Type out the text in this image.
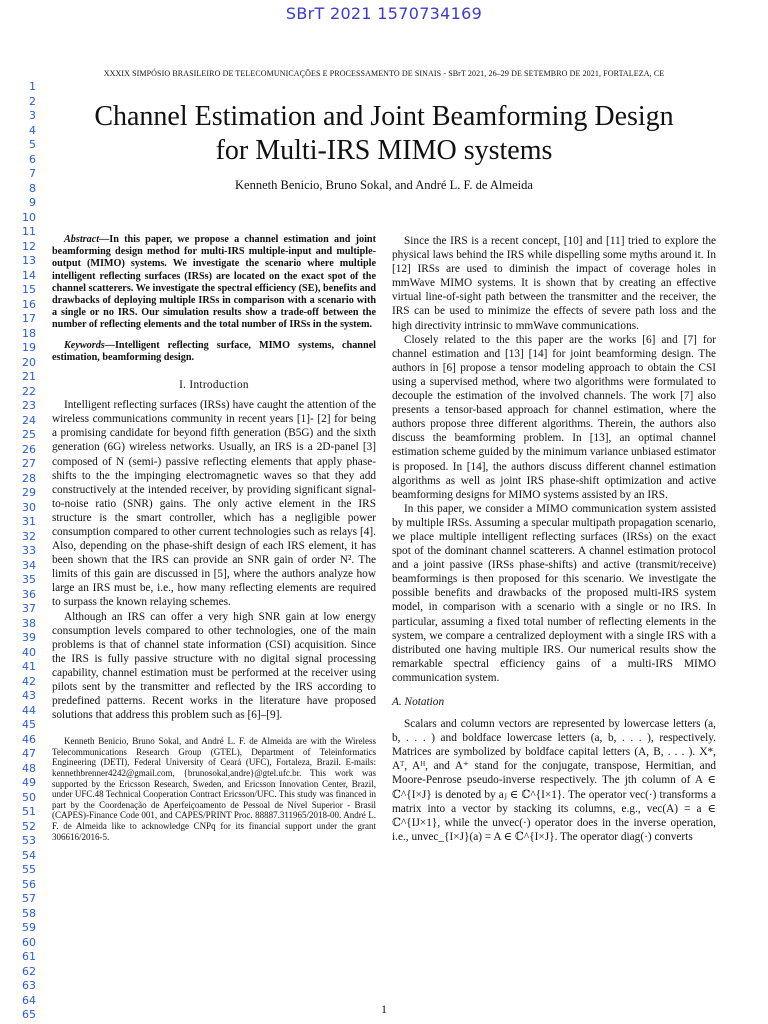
SBrT 2021 1570734169
XXXIX SIMPÓSIO BRASILEIRO DE TELECOMUNICAÇÕES E PROCESSAMENTO DE SINAIS - SBrT 2021, 26–29 DE SETEMBRO DE 2021, FORTALEZA, CE
1
2
3
4
5
6
7
8
9
10
11
12
13
14
15
16
17
18
19
20
21
22
23
24
25
26
27
28
29
30
31
32
33
34
35
36
37
38
39
40
41
42
43
44
45
46
47
48
49
50
51
52
53
54
55
56
57
58
59
60
61
62
63
64
65
Channel Estimation and Joint Beamforming Design
for Multi-IRS MIMO systems
Kenneth Benicio, Bruno Sokal, and André L. F. de Almeida

Abstract—In this paper, we propose a channel estimation and joint beamforming design method for multi-IRS multiple-input and multiple-output (MIMO) systems. We investigate the scenario where multiple intelligent reflecting surfaces (IRSs) are located on the exact spot of the channel scatterers. We investigate the spectral efficiency (SE), benefits and drawbacks of deploying multiple IRSs in comparison with a scenario with a single or no IRS. Our simulation results show a trade-off between the number of reflecting elements and the total number of IRSs in the system.

Keywords—Intelligent reflecting surface, MIMO systems, channel estimation, beamforming design.

I. Introduction

Intelligent reflecting surfaces (IRSs) have caught the attention of the wireless communications community in recent years [1]- [2] for being a promising candidate for beyond fifth generation (B5G) and the sixth generation (6G) wireless networks. Usually, an IRS is a 2D-panel [3] composed of N (semi-) passive reflecting elements that apply phase-shifts to the the impinging electromagnetic waves so that they add constructively at the intended receiver, by providing significant signal-to-noise ratio (SNR) gains. The only active element in the IRS structure is the smart controller, which has a negligible power consumption compared to other current technologies such as relays [4]. Also, depending on the phase-shift design of each IRS element, it has been shown that the IRS can provide an SNR gain of order N². The limits of this gain are discussed in [5], where the authors analyze how large an IRS must be, i.e., how many reflecting elements are required to surpass the known relaying schemes.

Although an IRS can offer a very high SNR gain at low energy consumption levels compared to other technologies, one of the main problems is that of channel state information (CSI) acquisition. Since the IRS is fully passive structure with no digital signal processing capability, channel estimation must be performed at the receiver using pilots sent by the transmitter and reflected by the IRS according to predefined patterns. Recent works in the literature have proposed solutions that address this problem such as [6]–[9].

Kenneth Benicio, Bruno Sokal, and André L. F. de Almeida are with the Wireless Telecommunications Research Group (GTEL), Department of Teleinformatics Engineering (DETI), Federal University of Ceará (UFC), Fortaleza, Brazil. E-mails: kennethbrenner4242@gmail.com, {brunosokal,andre}@gtel.ufc.br. This work was supported by the Ericsson Research, Sweden, and Ericsson Innovation Center, Brazil, under UFC.48 Technical Cooperation Contract Ericsson/UFC. This study was financed in part by the Coordenação de Aperfeiçoamento de Pessoal de Nível Superior - Brasil (CAPES)-Finance Code 001, and CAPES/PRINT Proc. 88887.311965/2018-00. André L. F. de Almeida like to acknowledge CNPq for its financial support under the grant 306616/2016-5.

Since the IRS is a recent concept, [10] and [11] tried to explore the physical laws behind the IRS while dispelling some myths around it. In [12] IRSs are used to diminish the impact of coverage holes in mmWave MIMO systems. It is shown that by creating an effective virtual line-of-sight path between the transmitter and the receiver, the IRS can be used to minimize the effects of severe path loss and the high directivity intrinsic to mmWave communications.

Closely related to the this paper are the works [6] and [7] for channel estimation and [13] [14] for joint beamforming design. The authors in [6] propose a tensor modeling approach to obtain the CSI using a supervised method, where two algorithms were formulated to decouple the estimation of the involved channels. The work [7] also presents a tensor-based approach for channel estimation, where the authors propose three different algorithms. Therein, the authors also discuss the beamforming problem. In [13], an optimal channel estimation scheme guided by the minimum variance unbiased estimator is proposed. In [14], the authors discuss different channel estimation algorithms as well as joint IRS phase-shift optimization and active beamforming designs for MIMO systems assisted by an IRS.

In this paper, we consider a MIMO communication system assisted by multiple IRSs. Assuming a specular multipath propagation scenario, we place multiple intelligent reflecting surfaces (IRSs) on the exact spot of the dominant channel scatterers. A channel estimation protocol and a joint passive (IRSs phase-shifts) and active (transmit/receive) beamformings is then proposed for this scenario. We investigate the possible benefits and drawbacks of the proposed multi-IRS system model, in comparison with a scenario with a single or no IRS. In particular, assuming a fixed total number of reflecting elements in the system, we compare a centralized deployment with a single IRS with a distributed one having multiple IRS. Our numerical results show the remarkable spectral efficiency gains of a multi-IRS MIMO communication system.

A. Notation

Scalars and column vectors are represented by lowercase letters (a, b, . . . ) and boldface lowercase letters (a, b, . . . ), respectively. Matrices are symbolized by boldface capital letters (A, B, . . . ). X*, Aᵀ, Aᴴ, and A⁺ stand for the conjugate, transpose, Hermitian, and Moore-Penrose pseudo-inverse respectively. The jth column of A ∈ ℂ^{I×J} is denoted by aⱼ ∈ ℂ^{I×1}. The operator vec(·) transforms a matrix into a vector by stacking its columns, e.g., vec(A) = a ∈ ℂ^{IJ×1}, while the unvec(·) operator does in the inverse operation, i.e., unvec_{I×J}(a) = A ∈ ℂ^{I×J}. The operator diag(·) converts

1
